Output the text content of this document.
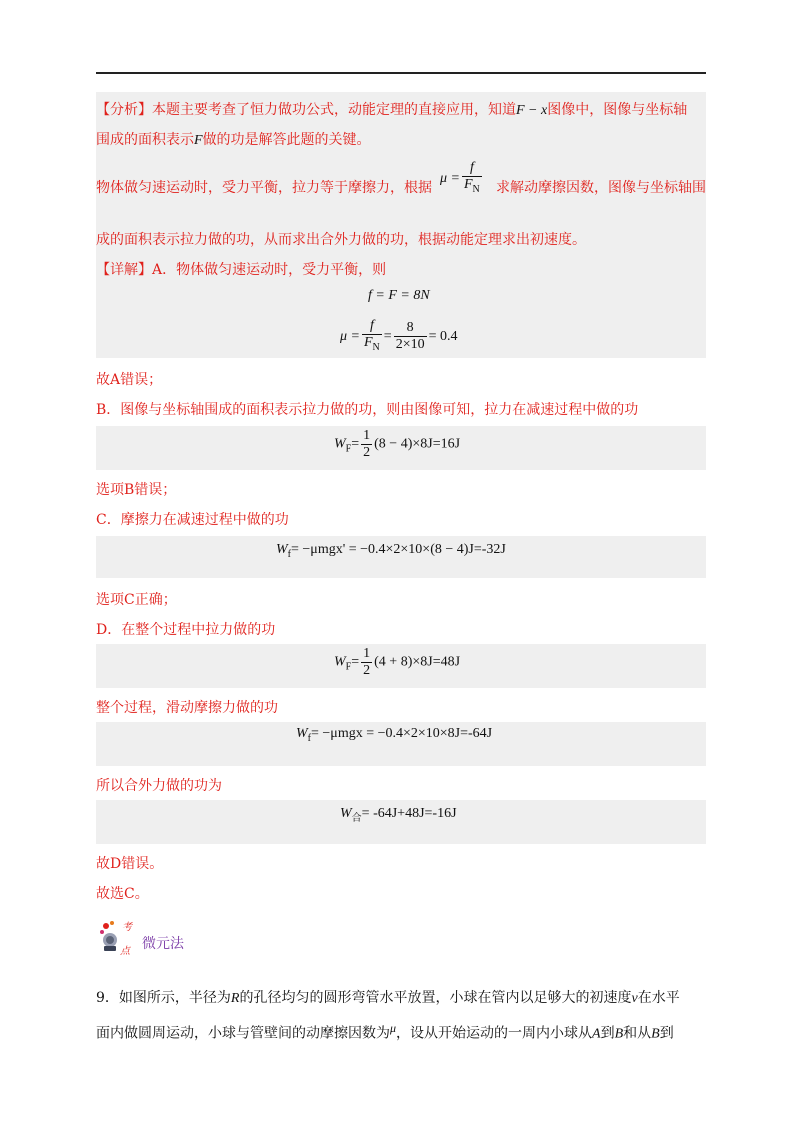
【分析】本题主要考查了恒力做功公式，动能定理的直接应用，知道F − x图像中，图像与坐标轴
围成的面积表示F做的功是解答此题的关键。
物体做匀速运动时，受力平衡，拉力等于摩擦力，根据
$\mu = \frac{f}{F_N}$ 求解动摩擦因数，图像与坐标轴围
成的面积表示拉力做的功，从而求出合外力做的功，根据动能定理求出初速度。
【详解】A．物体做匀速运动时，受力平衡，则
f = F = 8N
$\mu = \frac{f}{F_N} = \frac{8}{2\times 10} = 0.4$
故A错误；
B．图像与坐标轴围成的面积表示拉力做的功，则由图像可知，拉力在减速过程中做的功
$W_F= \frac{1}{2} (8 - 4)\times 8J=16J$
选项B错误；
C．摩擦力在减速过程中做的功
$W_f= -\mu mgx' = -0.4\times 2\times 10\times(8 - 4)J=-32J$
选项C正确；
D．在整个过程中拉力做的功
$W_F= \frac{1}{2} (4 + 8)\times 8J=48J$
整个过程，滑动摩擦力做的功
$W_f= -\mu mgx = -0.4\times 2\times 10\times 8J=-64J$
所以合外力做的功为
$W_合= -64J+48J=-16J$
故D错误。
故选C。
考
点 微元法
9．如图所示，半径为R的孔径均匀的圆形弯管水平放置，小球在管内以足够大的初速度v在水平
面内做圆周运动，小球与管壁间的动摩擦因数为μ，设从开始运动的一周内小球从A到B和从B到
